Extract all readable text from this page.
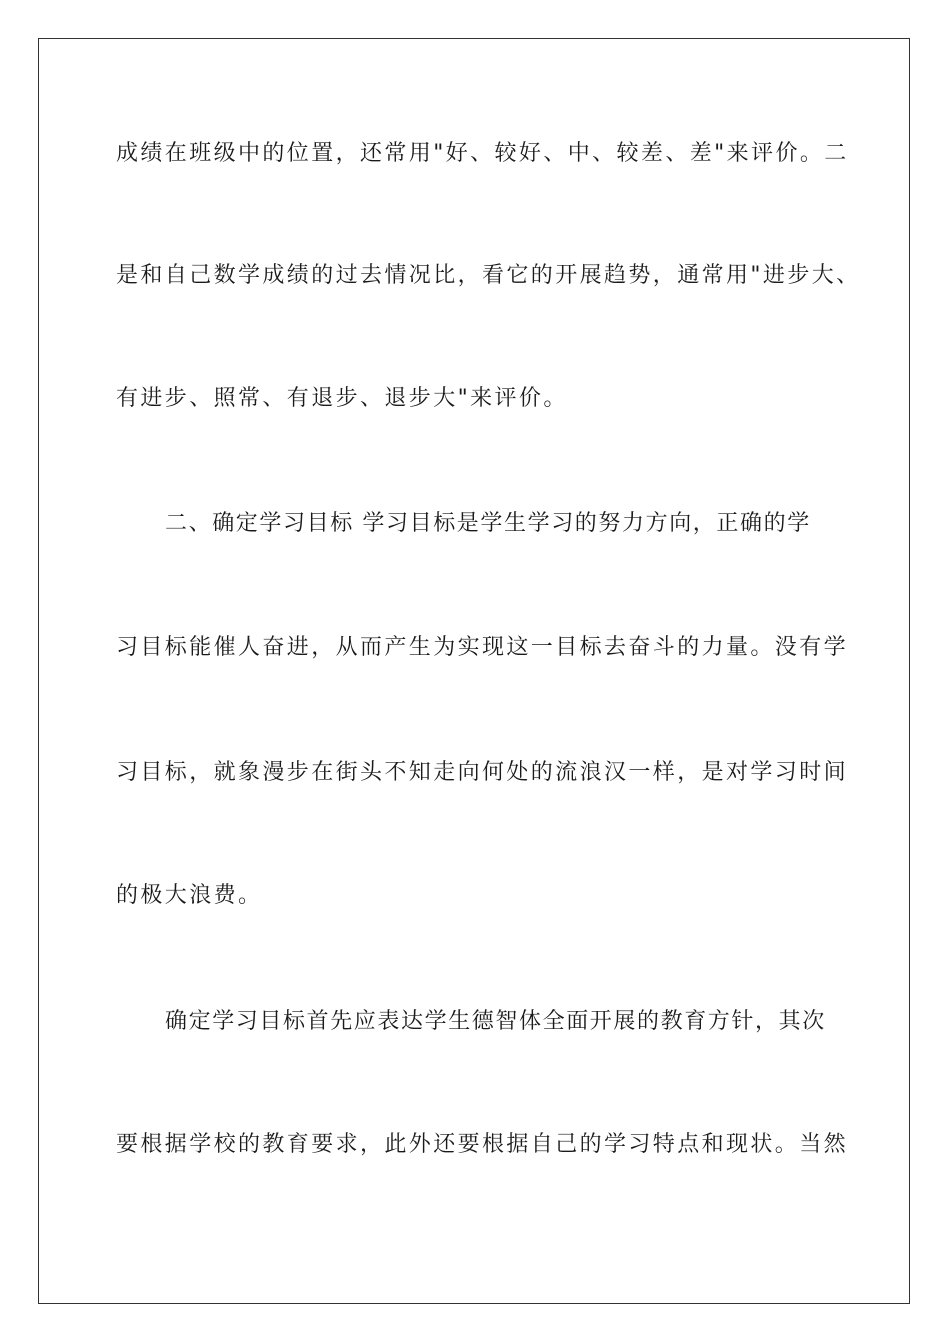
成绩在班级中的位置，还常用"好、较好、中、较差、差"来评价。二
是和自己数学成绩的过去情况比，看它的开展趋势，通常用"进步大、
有进步、照常、有退步、退步大"来评价。
二、确定学习目标 学习目标是学生学习的努力方向，正确的学
习目标能催人奋进，从而产生为实现这一目标去奋斗的力量。没有学
习目标，就象漫步在街头不知走向何处的流浪汉一样，是对学习时间
的极大浪费。
确定学习目标首先应表达学生德智体全面开展的教育方针，其次
要根据学校的教育要求，此外还要根据自己的学习特点和现状。当然
